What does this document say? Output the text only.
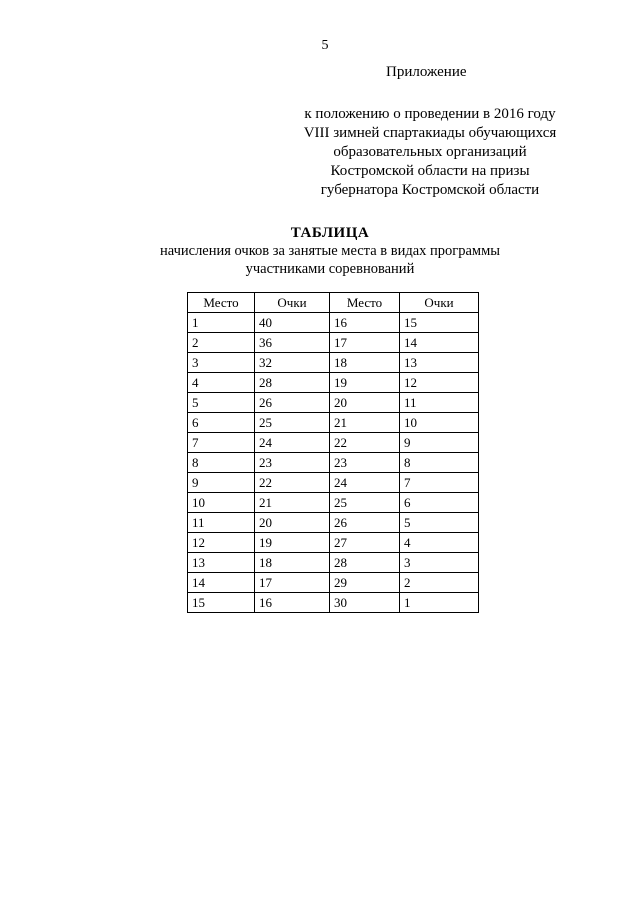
5
Приложение
к положению о проведении в 2016 году
VIII зимней спартакиады обучающихся
образовательных организаций
Костромской области на призы
губернатора Костромской области
ТАБЛИЦА
начисления очков за занятые места в видах программы
участниками соревнований
Место	Очки	Место	Очки
1	40	16	15
2	36	17	14
3	32	18	13
4	28	19	12
5	26	20	11
6	25	21	10
7	24	22	9
8	23	23	8
9	22	24	7
10	21	25	6
11	20	26	5
12	19	27	4
13	18	28	3
14	17	29	2
15	16	30	1
